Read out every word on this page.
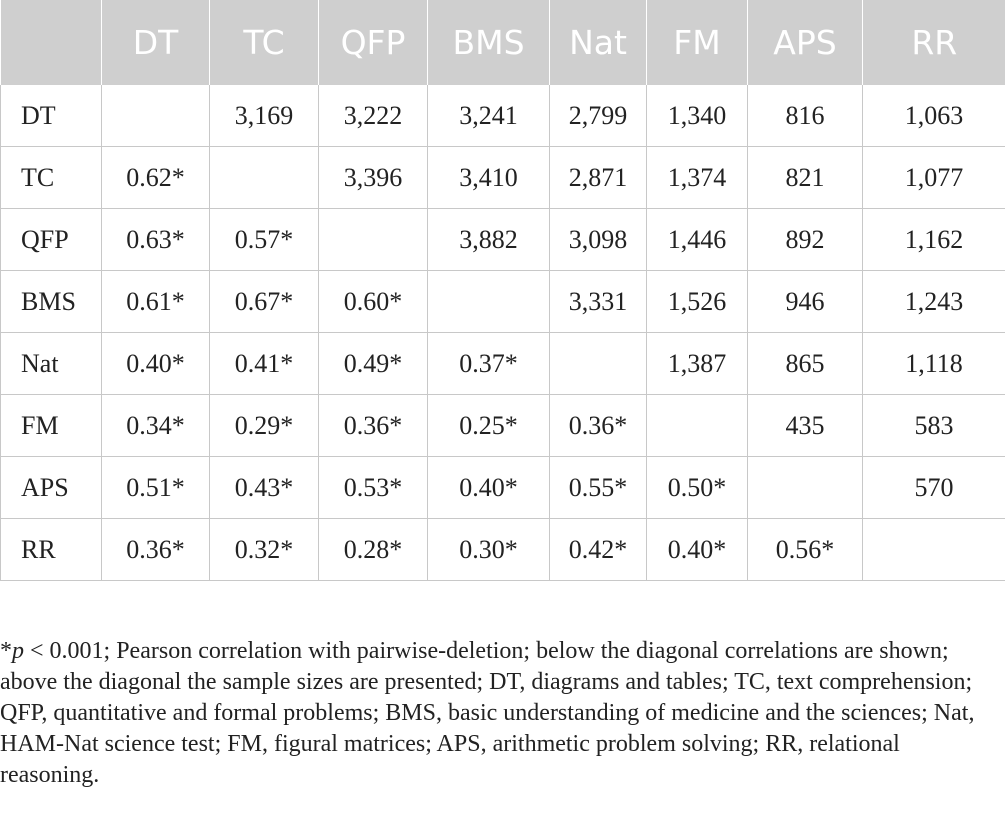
	DT	TC	QFP	BMS	Nat	FM	APS	RR
DT		3,169	3,222	3,241	2,799	1,340	816	1,063
TC	0.62*		3,396	3,410	2,871	1,374	821	1,077
QFP	0.63*	0.57*		3,882	3,098	1,446	892	1,162
BMS	0.61*	0.67*	0.60*		3,331	1,526	946	1,243
Nat	0.40*	0.41*	0.49*	0.37*		1,387	865	1,118
FM	0.34*	0.29*	0.36*	0.25*	0.36*		435	583
APS	0.51*	0.43*	0.53*	0.40*	0.55*	0.50*		570
RR	0.36*	0.32*	0.28*	0.30*	0.42*	0.40*	0.56*	

*p < 0.001; Pearson correlation with pairwise-deletion; below the diagonal correlations are shown; above the diagonal the sample sizes are presented; DT, diagrams and tables; TC, text comprehension; QFP, quantitative and formal problems; BMS, basic understanding of medicine and the sciences; Nat, HAM-Nat science test; FM, figural matrices; APS, arithmetic problem solving; RR, relational reasoning.
